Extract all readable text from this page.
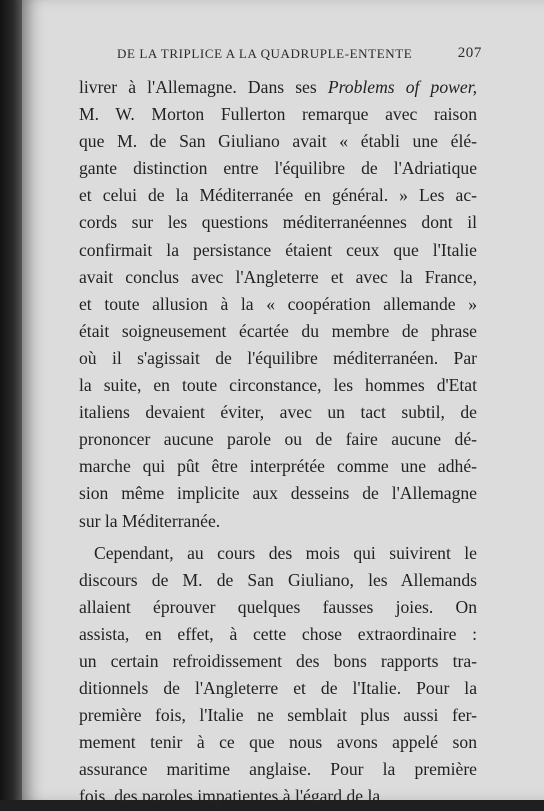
DE LA TRIPLICE A LA QUADRUPLE-ENTENTE	207
livrer à l'Allemagne. Dans ses Problems of power,
M. W. Morton Fullerton remarque avec raison
que M. de San Giuliano avait « établi une élé-
gante distinction entre l'équilibre de l'Adriatique
et celui de la Méditerranée en général. » Les ac-
cords sur les questions méditerranéennes dont il
confirmait la persistance étaient ceux que l'Italie
avait conclus avec l'Angleterre et avec la France,
et toute allusion à la « coopération allemande »
était soigneusement écartée du membre de phrase
où il s'agissait de l'équilibre méditerranéen. Par
la suite, en toute circonstance, les hommes d'Etat
italiens devaient éviter, avec un tact subtil, de
prononcer aucune parole ou de faire aucune dé-
marche qui pût être interprétée comme une adhé-
sion même implicite aux desseins de l'Allemagne
sur la Méditerranée.
Cependant, au cours des mois qui suivirent le
discours de M. de San Giuliano, les Allemands
allaient éprouver quelques fausses joies. On
assista, en effet, à cette chose extraordinaire :
un certain refroidissement des bons rapports tra-
ditionnels de l'Angleterre et de l'Italie. Pour la
première fois, l'Italie ne semblait plus aussi fer-
mement tenir à ce que nous avons appelé son
assurance maritime anglaise. Pour la première
fois, des paroles impatientes à l'égard de la
